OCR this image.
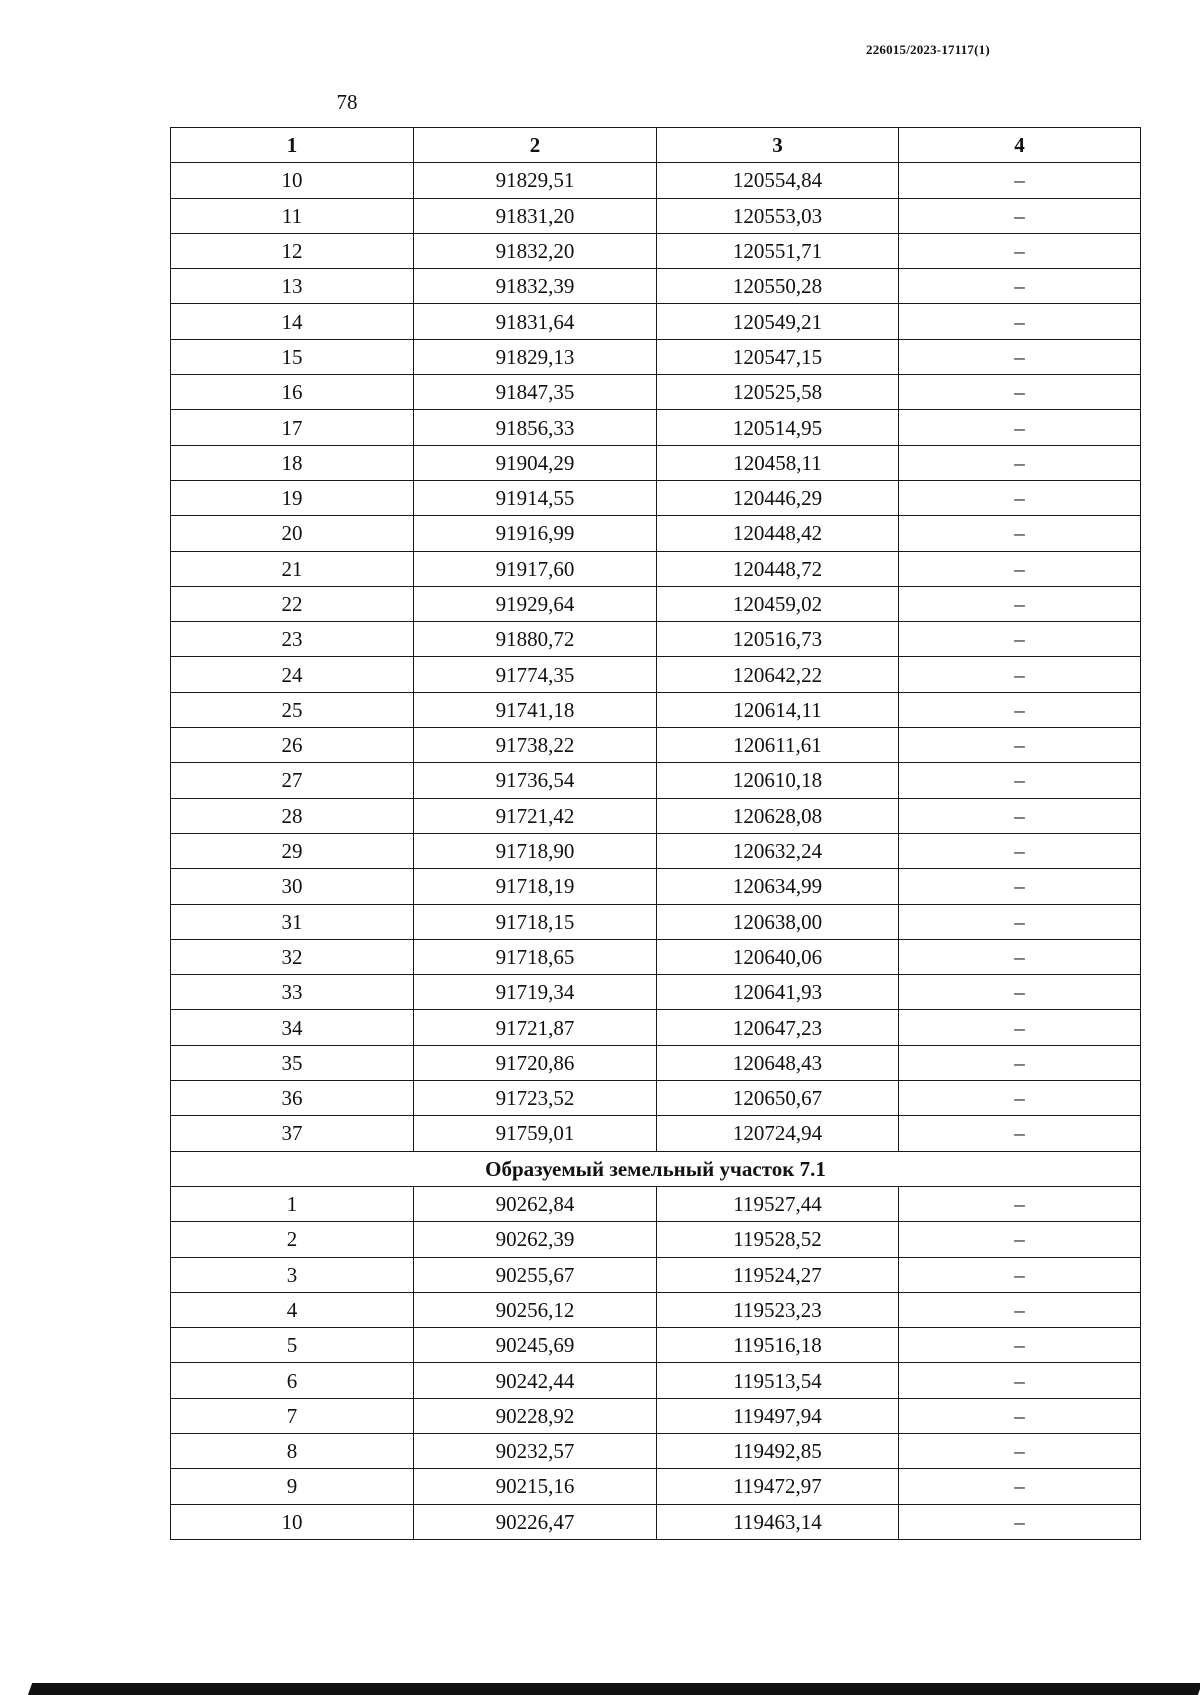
226015/2023-17117(1)
78
1	2	3	4
10	91829,51	120554,84	–
11	91831,20	120553,03	–
12	91832,20	120551,71	–
13	91832,39	120550,28	–
14	91831,64	120549,21	–
15	91829,13	120547,15	–
16	91847,35	120525,58	–
17	91856,33	120514,95	–
18	91904,29	120458,11	–
19	91914,55	120446,29	–
20	91916,99	120448,42	–
21	91917,60	120448,72	–
22	91929,64	120459,02	–
23	91880,72	120516,73	–
24	91774,35	120642,22	–
25	91741,18	120614,11	–
26	91738,22	120611,61	–
27	91736,54	120610,18	–
28	91721,42	120628,08	–
29	91718,90	120632,24	–
30	91718,19	120634,99	–
31	91718,15	120638,00	–
32	91718,65	120640,06	–
33	91719,34	120641,93	–
34	91721,87	120647,23	–
35	91720,86	120648,43	–
36	91723,52	120650,67	–
37	91759,01	120724,94	–
Образуемый земельный участок 7.1			
1	90262,84	119527,44	–
2	90262,39	119528,52	–
3	90255,67	119524,27	–
4	90256,12	119523,23	–
5	90245,69	119516,18	–
6	90242,44	119513,54	–
7	90228,92	119497,94	–
8	90232,57	119492,85	–
9	90215,16	119472,97	–
10	90226,47	119463,14	–
